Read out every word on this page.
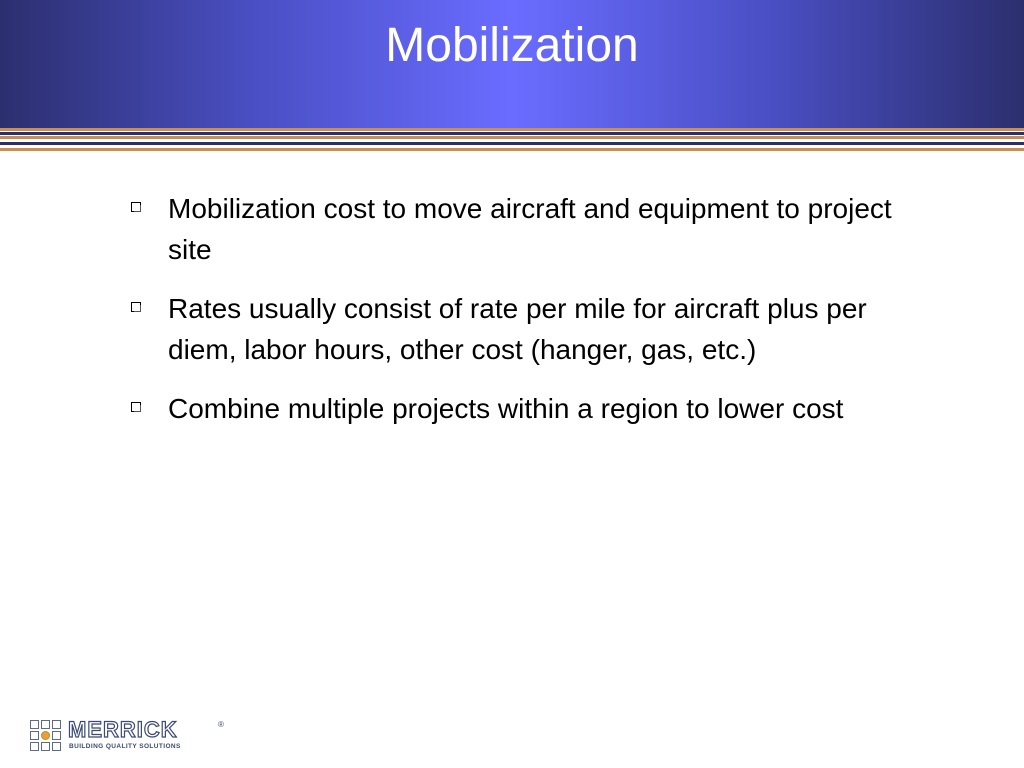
Mobilization
Mobilization cost to move aircraft and equipment to project site
Rates usually consist of rate per mile for aircraft plus per diem, labor hours, other cost (hanger, gas, etc.)
Combine multiple projects within a region to lower cost
MERRICK	®
BUILDING QUALITY SOLUTIONS
